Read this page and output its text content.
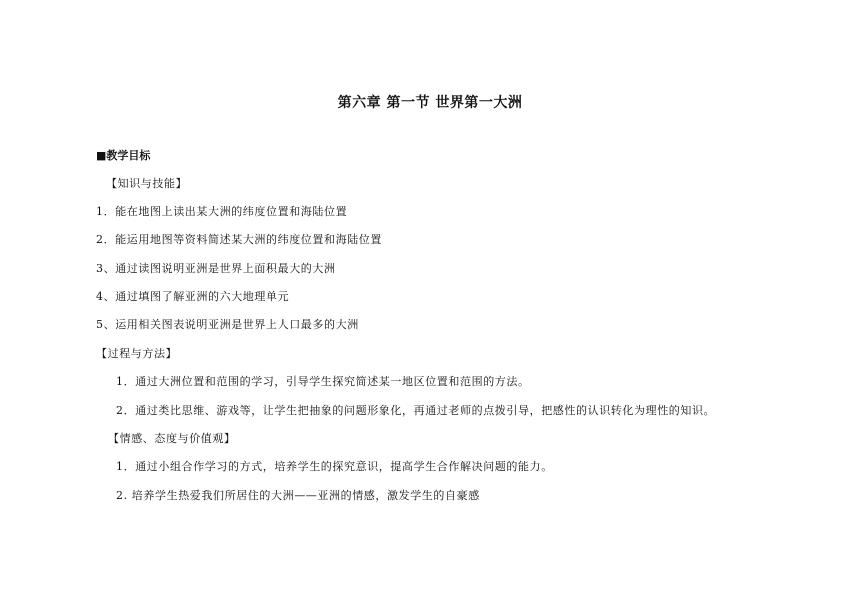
第六章 第一节 世界第一大洲
■教学目标
【知识与技能】
1．能在地图上读出某大洲的纬度位置和海陆位置
2．能运用地图等资料简述某大洲的纬度位置和海陆位置
3、通过读图说明亚洲是世界上面积最大的大洲
4、通过填图了解亚洲的六大地理单元
5、运用相关图表说明亚洲是世界上人口最多的大洲
【过程与方法】
1．通过大洲位置和范围的学习，引导学生探究简述某一地区位置和范围的方法。
2．通过类比思维、游戏等，让学生把抽象的问题形象化，再通过老师的点拨引导，把感性的认识转化为理性的知识。
【情感、态度与价值观】
1．通过小组合作学习的方式，培养学生的探究意识，提高学生合作解决问题的能力。
2. 培养学生热爱我们所居住的大洲——亚洲的情感，激发学生的自豪感
